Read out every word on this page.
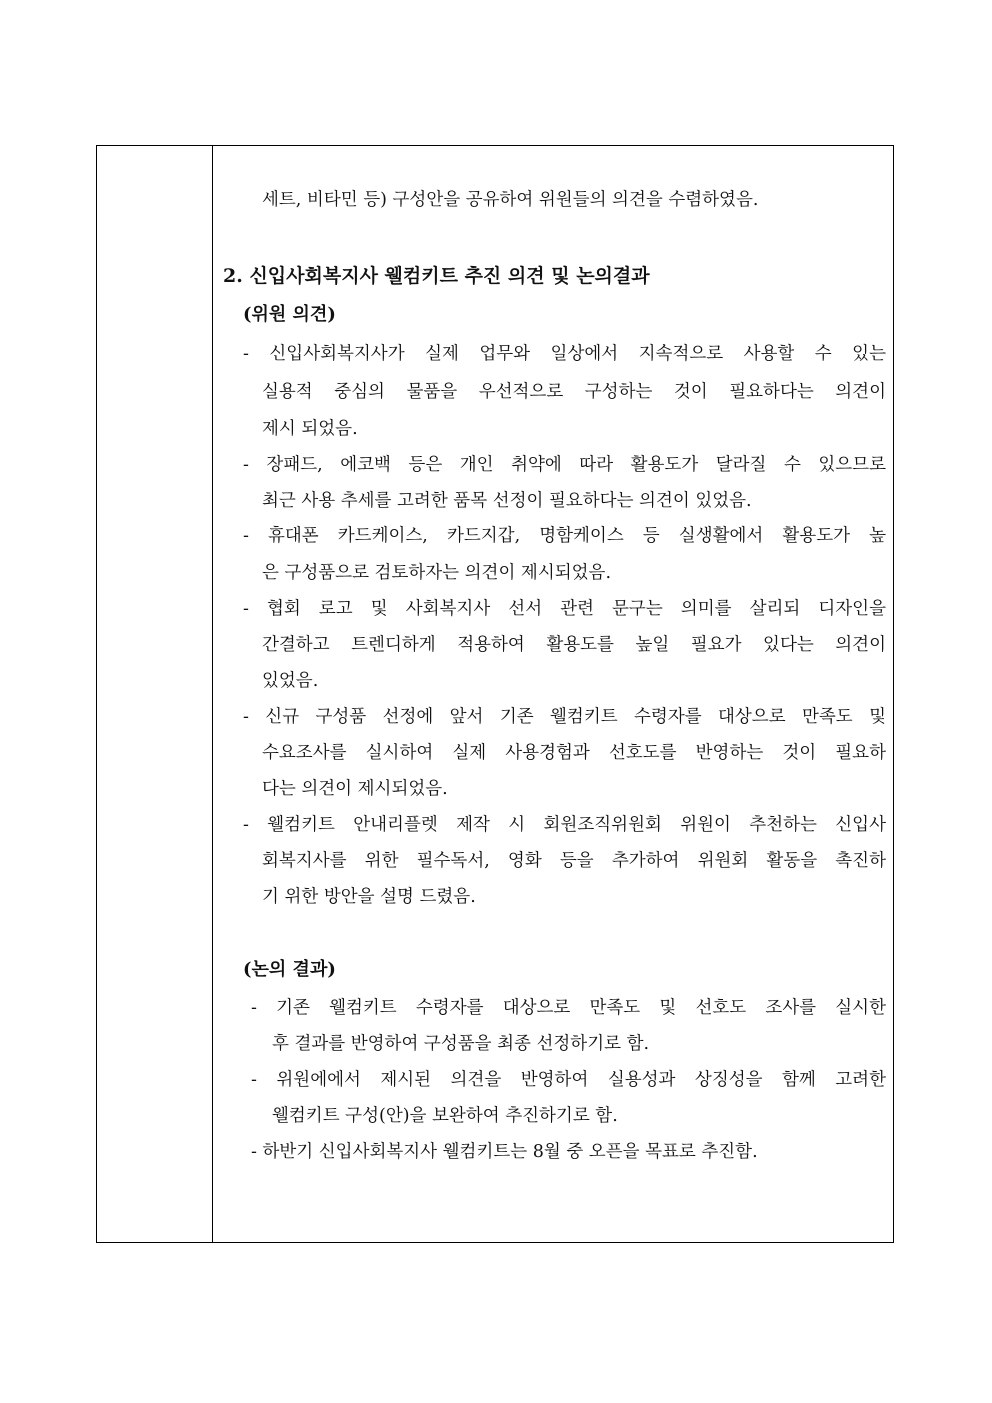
세트, 비타민 등) 구성안을 공유하여 위원들의 의견을 수렴하였음.
2. 신입사회복지사 웰컴키트 추진 의견 및 논의결과
(위원 의견)
- 신입사회복지사가 실제 업무와 일상에서 지속적으로 사용할 수 있는
실용적 중심의 물품을 우선적으로 구성하는 것이 필요하다는 의견이
제시 되었음.
- 장패드, 에코백 등은 개인 취약에 따라 활용도가 달라질 수 있으므로
최근 사용 추세를 고려한 품목 선정이 필요하다는 의견이 있었음.
- 휴대폰 카드케이스, 카드지갑, 명함케이스 등 실생활에서 활용도가 높
은 구성품으로 검토하자는 의견이 제시되었음.
- 협회 로고 및 사회복지사 선서 관련 문구는 의미를 살리되 디자인을
간결하고 트렌디하게 적용하여 활용도를 높일 필요가 있다는 의견이
있었음.
- 신규 구성품 선정에 앞서 기존 웰컴키트 수령자를 대상으로 만족도 및
수요조사를 실시하여 실제 사용경험과 선호도를 반영하는 것이 필요하
다는 의견이 제시되었음.
- 웰컴키트 안내리플렛 제작 시 회원조직위원회 위원이 추천하는 신입사
회복지사를 위한 필수독서, 영화 등을 추가하여 위원회 활동을 촉진하
기 위한 방안을 설명 드렸음.
(논의 결과)
- 기존 웰컴키트 수령자를 대상으로 만족도 및 선호도 조사를 실시한
후 결과를 반영하여 구성품을 최종 선정하기로 함.
- 위원에에서 제시된 의견을 반영하여 실용성과 상징성을 함께 고려한
웰컴키트 구성(안)을 보완하여 추진하기로 함.
- 하반기 신입사회복지사 웰컴키트는 8월 중 오픈을 목표로 추진함.
